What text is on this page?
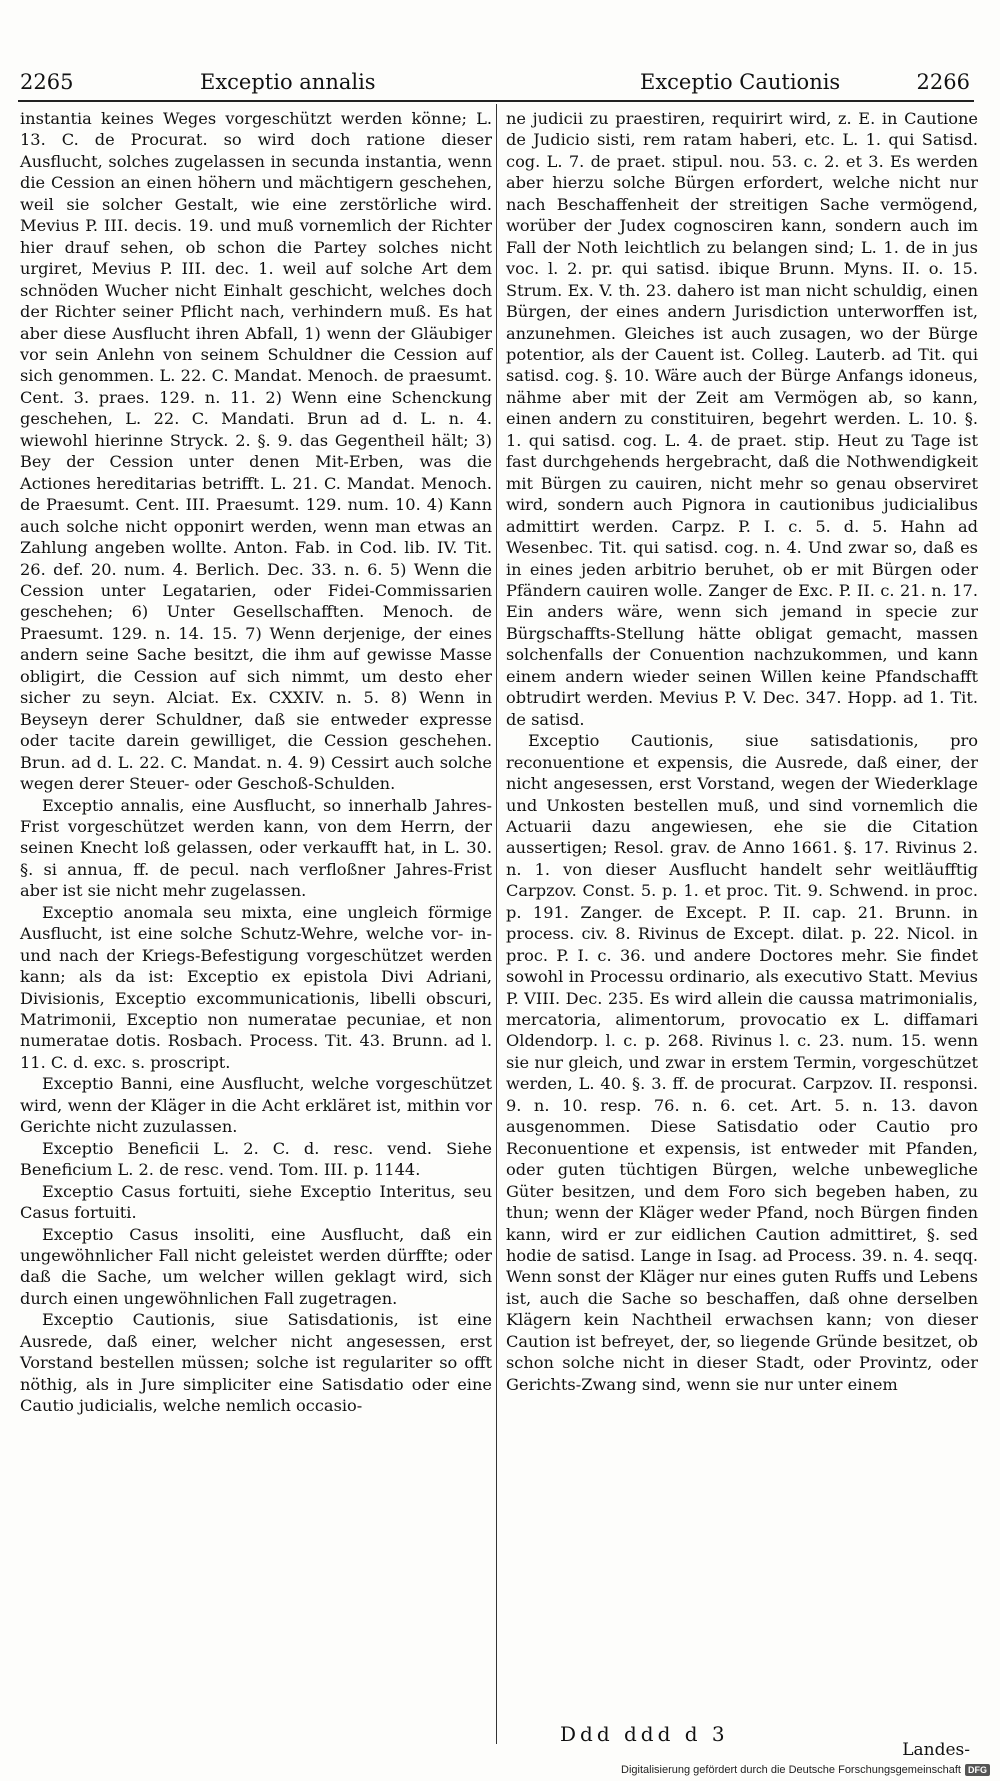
2265	Exceptio annalis	Exceptio Cautionis	2266

instantia keines Weges vorgeschützt werden könne; L. 13. C. de Procurat. so wird doch ratione dieser Ausflucht, solches zugelassen in secunda instantia, wenn die Cession an einen höhern und mächtigern geschehen, weil sie solcher Gestalt, wie eine zerstörliche wird. Mevius P. III. decis. 19. und muß vornemlich der Richter hier drauf sehen, ob schon die Partey solches nicht urgiret, Mevius P. III. dec. 1. weil auf solche Art dem schnöden Wucher nicht Einhalt geschicht, welches doch der Richter seiner Pflicht nach, verhindern muß. Es hat aber diese Ausflucht ihren Abfall, 1) wenn der Gläubiger vor sein Anlehn von seinem Schuldner die Cession auf sich genommen. L. 22. C. Mandat. Menoch. de praesumt. Cent. 3. praes. 129. n. 11. 2) Wenn eine Schenckung geschehen, L. 22. C. Mandati. Brun ad d. L. n. 4. wiewohl hierinne Stryck. 2. §. 9. das Gegentheil hält; 3) Bey der Cession unter denen Mit-Erben, was die Actiones hereditarias betrifft. L. 21. C. Mandat. Menoch. de Praesumt. Cent. III. Praesumt. 129. num. 10. 4) Kann auch solche nicht opponirt werden, wenn man etwas an Zahlung angeben wollte. Anton. Fab. in Cod. lib. IV. Tit. 26. def. 20. num. 4. Berlich. Dec. 33. n. 6. 5) Wenn die Cession unter Legatarien, oder Fidei-Commissarien geschehen; 6) Unter Gesellschafften. Menoch. de Praesumt. 129. n. 14. 15. 7) Wenn derjenige, der eines andern seine Sache besitzt, die ihm auf gewisse Masse obligirt, die Cession auf sich nimmt, um desto eher sicher zu seyn. Alciat. Ex. CXXIV. n. 5. 8) Wenn in Beyseyn derer Schuldner, daß sie entweder expresse oder tacite darein gewilliget, die Cession geschehen. Brun. ad d. L. 22. C. Mandat. n. 4. 9) Cessirt auch solche wegen derer Steuer- oder Geschoß-Schulden.

Exceptio annalis, eine Ausflucht, so innerhalb Jahres-Frist vorgeschützet werden kann, von dem Herrn, der seinen Knecht loß gelassen, oder verkaufft hat, in L. 30. §. si annua, ff. de pecul. nach verfloßner Jahres-Frist aber ist sie nicht mehr zugelassen.

Exceptio anomala seu mixta, eine ungleich förmige Ausflucht, ist eine solche Schutz-Wehre, welche vor- in- und nach der Kriegs-Befestigung vorgeschützet werden kann; als da ist: Exceptio ex epistola Divi Adriani, Divisionis, Exceptio excommunicationis, libelli obscuri, Matrimonii, Exceptio non numeratae pecuniae, et non numeratae dotis. Rosbach. Process. Tit. 43. Brunn. ad l. 11. C. d. exc. s. proscript.

Exceptio Banni, eine Ausflucht, welche vorgeschützet wird, wenn der Kläger in die Acht erkläret ist, mithin vor Gerichte nicht zuzulassen.

Exceptio Beneficii L. 2. C. d. resc. vend. Siehe Beneficium L. 2. de resc. vend. Tom. III. p. 1144.

Exceptio Casus fortuiti, siehe Exceptio Interitus, seu Casus fortuiti.

Exceptio Casus insoliti, eine Ausflucht, daß ein ungewöhnlicher Fall nicht geleistet werden dürffte; oder daß die Sache, um welcher willen geklagt wird, sich durch einen ungewöhnlichen Fall zugetragen.

Exceptio Cautionis, siue Satisdationis, ist eine Ausrede, daß einer, welcher nicht angesessen, erst Vorstand bestellen müssen; solche ist regulariter so offt nöthig, als in Jure simpliciter eine Satisdatio oder eine Cautio judicialis, welche nemlich occasio-

ne judicii zu praestiren, requirirt wird, z. E. in Cautione de Judicio sisti, rem ratam haberi, etc. L. 1. qui Satisd. cog. L. 7. de praet. stipul. nou. 53. c. 2. et 3. Es werden aber hierzu solche Bürgen erfordert, welche nicht nur nach Beschaffenheit der streitigen Sache vermögend, worüber der Judex cognosciren kann, sondern auch im Fall der Noth leichtlich zu belangen sind; L. 1. de in jus voc. l. 2. pr. qui satisd. ibique Brunn. Myns. II. o. 15. Strum. Ex. V. th. 23. dahero ist man nicht schuldig, einen Bürgen, der eines andern Jurisdiction unterworffen ist, anzunehmen. Gleiches ist auch zusagen, wo der Bürge potentior, als der Cauent ist. Colleg. Lauterb. ad Tit. qui satisd. cog. §. 10. Wäre auch der Bürge Anfangs idoneus, nähme aber mit der Zeit am Vermögen ab, so kann, einen andern zu constituiren, begehrt werden. L. 10. §. 1. qui satisd. cog. L. 4. de praet. stip. Heut zu Tage ist fast durchgehends hergebracht, daß die Nothwendigkeit mit Bürgen zu cauiren, nicht mehr so genau observiret wird, sondern auch Pignora in cautionibus judicialibus admittirt werden. Carpz. P. I. c. 5. d. 5. Hahn ad Wesenbec. Tit. qui satisd. cog. n. 4. Und zwar so, daß es in eines jeden arbitrio beruhet, ob er mit Bürgen oder Pfändern cauiren wolle. Zanger de Exc. P. II. c. 21. n. 17. Ein anders wäre, wenn sich jemand in specie zur Bürgschaffts-Stellung hätte obligat gemacht, massen solchenfalls der Conuention nachzukommen, und kann einem andern wieder seinen Willen keine Pfandschafft obtrudirt werden. Mevius P. V. Dec. 347. Hopp. ad 1. Tit. de satisd.

Exceptio Cautionis, siue satisdationis, pro reconuentione et expensis, die Ausrede, daß einer, der nicht angesessen, erst Vorstand, wegen der Wiederklage und Unkosten bestellen muß, und sind vornemlich die Actuarii dazu angewiesen, ehe sie die Citation aussertigen; Resol. grav. de Anno 1661. §. 17. Rivinus 2. n. 1. von dieser Ausflucht handelt sehr weitläufftig Carpzov. Const. 5. p. 1. et proc. Tit. 9. Schwend. in proc. p. 191. Zanger. de Except. P. II. cap. 21. Brunn. in process. civ. 8. Rivinus de Except. dilat. p. 22. Nicol. in proc. P. I. c. 36. und andere Doctores mehr. Sie findet sowohl in Processu ordinario, als executivo Statt. Mevius P. VIII. Dec. 235. Es wird allein die caussa matrimonialis, mercatoria, alimentorum, provocatio ex L. diffamari Oldendorp. l. c. p. 268. Rivinus l. c. 23. num. 15. wenn sie nur gleich, und zwar in erstem Termin, vorgeschützet werden, L. 40. §. 3. ff. de procurat. Carpzov. II. responsi. 9. n. 10. resp. 76. n. 6. cet. Art. 5. n. 13. davon ausgenommen. Diese Satisdatio oder Cautio pro Reconuentione et expensis, ist entweder mit Pfanden, oder guten tüchtigen Bürgen, welche unbewegliche Güter besitzen, und dem Foro sich begeben haben, zu thun; wenn der Kläger weder Pfand, noch Bürgen finden kann, wird er zur eidlichen Caution admittiret, §. sed hodie de satisd. Lange in Isag. ad Process. 39. n. 4. seqq. Wenn sonst der Kläger nur eines guten Ruffs und Lebens ist, auch die Sache so beschaffen, daß ohne derselben Klägern kein Nachtheil erwachsen kann; von dieser Caution ist befreyet, der, so liegende Gründe besitzet, ob schon solche nicht in dieser Stadt, oder Provintz, oder Gerichts-Zwang sind, wenn sie nur unter einem

Ddd ddd d 3
Landes-
Digitalisierung gefördert durch die Deutsche Forschungsgemeinschaft DFG
